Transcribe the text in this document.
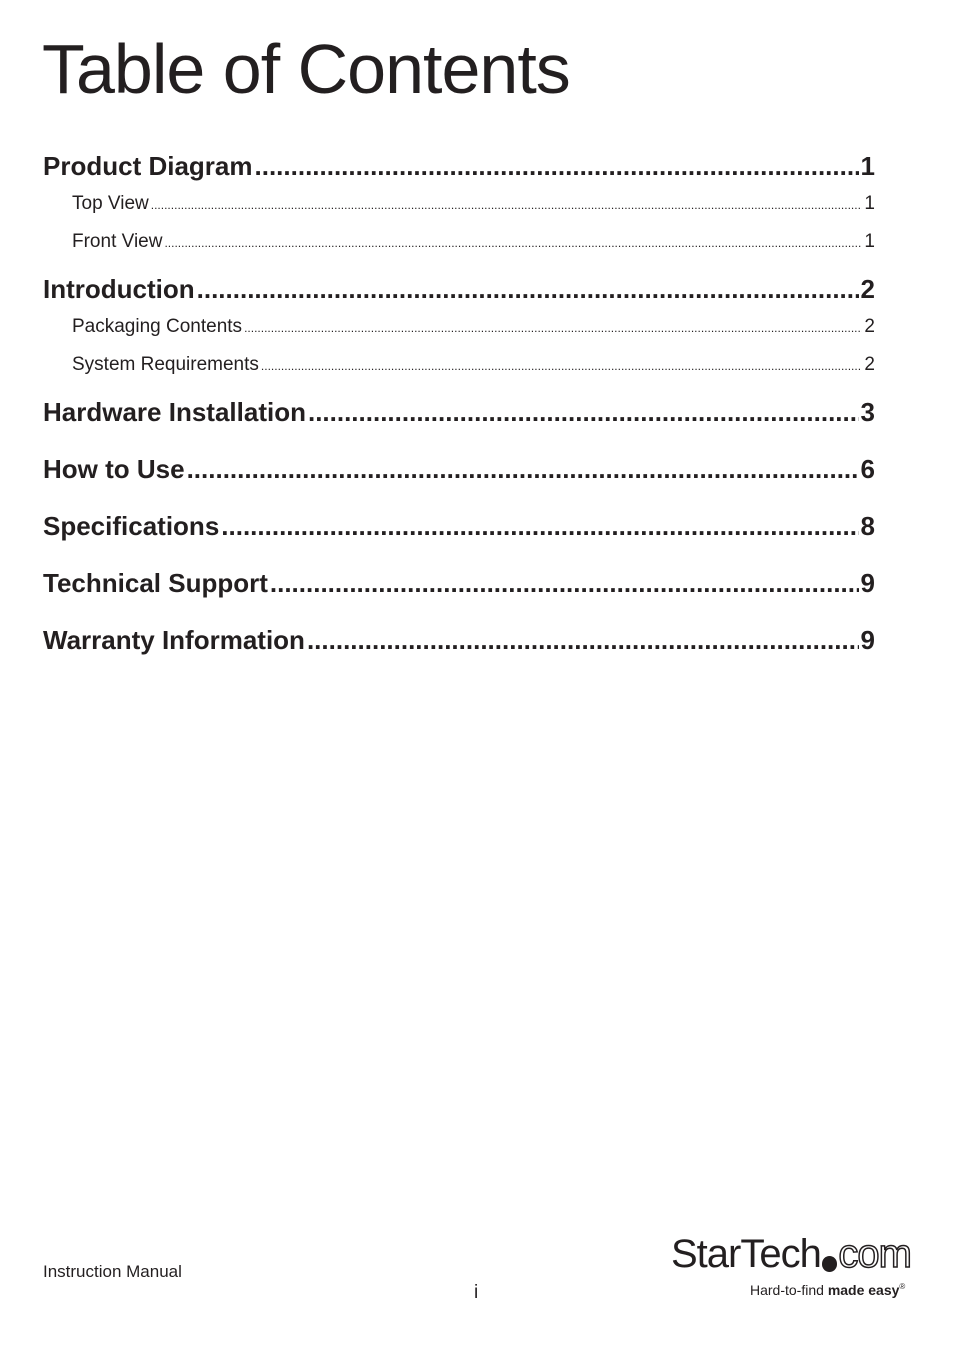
Table of Contents
Product Diagram .....	1
Top View .....	1
Front View .....	1
Introduction .....	2
Packaging Contents .....	2
System Requirements .....	2
Hardware Installation .....	3
How to Use .....	6
Specifications .....	8
Technical Support .....	9
Warranty Information .....	9
Instruction Manual
i
StarTech com
Hard-to-find made easy®
